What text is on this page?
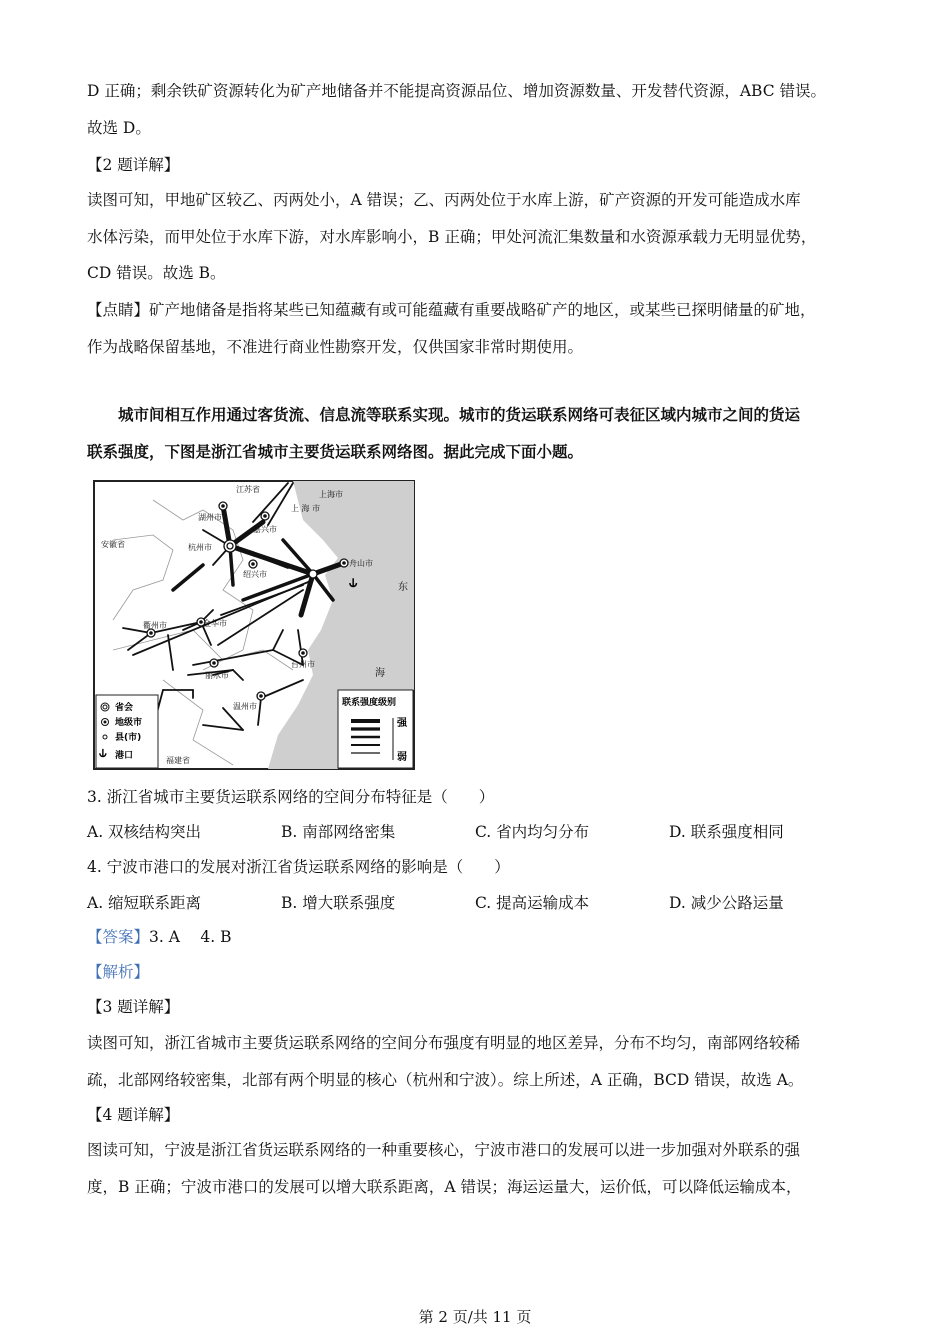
D 正确；剩余铁矿资源转化为矿产地储备并不能提高资源品位、增加资源数量、开发替代资源，ABC 错误。
故选 D。
【2 题详解】
读图可知，甲地矿区较乙、丙两处小，A 错误；乙、丙两处位于水库上游，矿产资源的开发可能造成水库
水体污染，而甲处位于水库下游，对水库影响小，B 正确；甲处河流汇集数量和水资源承载力无明显优势，
CD 错误。故选 B。
【点睛】矿产地储备是指将某些已知蕴藏有或可能蕴藏有重要战略矿产的地区，或某些已探明储量的矿地，
作为战略保留基地，不准进行商业性勘察开发，仅供国家非常时期使用。
城市间相互作用通过客货流、信息流等联系实现。城市的货运联系网络可表征区域内城市之间的货运
联系强度，下图是浙江省城市主要货运联系网络图。据此完成下面小题。
江苏省
上海市
上 海 市
安徽省
福建省
东
海
湖州市
嘉兴市
杭州市
绍兴市
舟山市
衢州市	金华市
丽水市
台州市
温州市
⫝
⫝
省会
地级市
县(市)
港口
联系强度级别
强
弱
3. 浙江省城市主要货运联系网络的空间分布特征是（　　）
A. 双核结构突出	B. 南部网络密集	C. 省内均匀分布	D. 联系强度相同
4. 宁波市港口的发展对浙江省货运联系网络的影响是（　　）
A. 缩短联系距离	B. 增大联系强度	C. 提高运输成本	D. 减少公路运量
【答案】3. A　 4. B
【解析】
【3 题详解】
读图可知，浙江省城市主要货运联系网络的空间分布强度有明显的地区差异，分布不均匀，南部网络较稀
疏，北部网络较密集，北部有两个明显的核心（杭州和宁波）。综上所述，A 正确，BCD 错误，故选 A。
【4 题详解】
图读可知，宁波是浙江省货运联系网络的一种重要核心，宁波市港口的发展可以进一步加强对外联系的强
度，B 正确；宁波市港口的发展可以增大联系距离，A 错误；海运运量大，运价低，可以降低运输成本，
第 2 页/共 11 页
